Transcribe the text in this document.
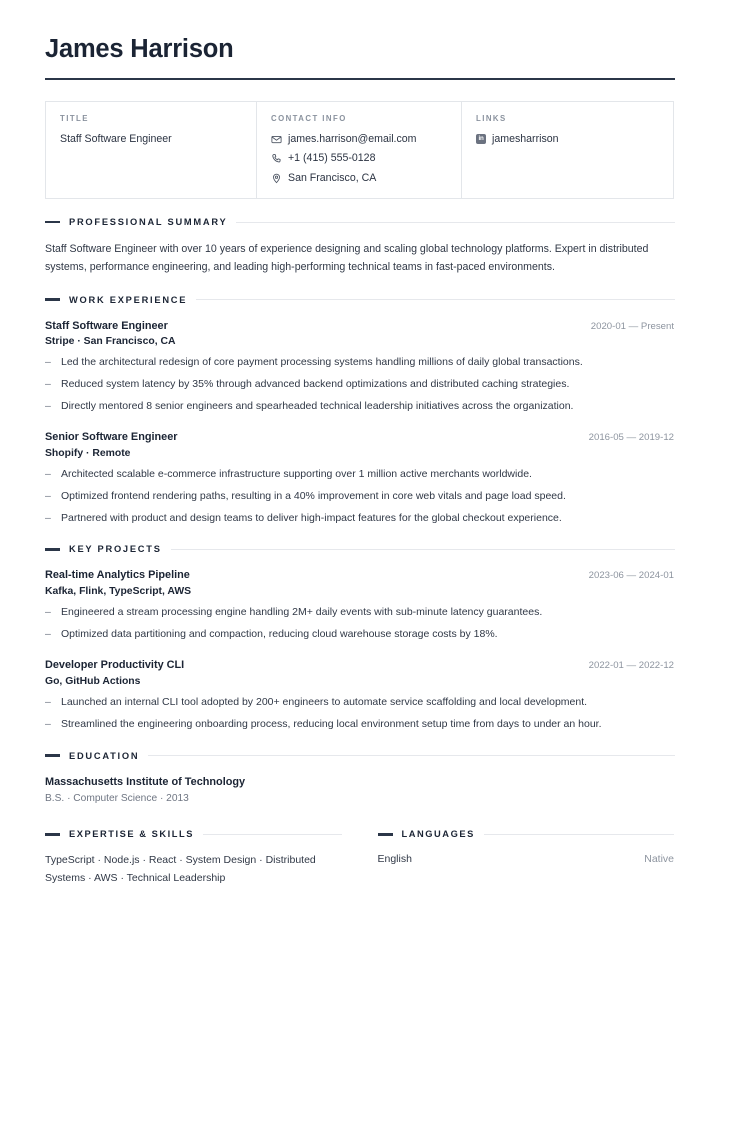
James Harrison
TITLE
Staff Software Engineer
CONTACT INFO
james.harrison@email.com
+1 (415) 555-0128
San Francisco, CA
LINKS
in jamesharrison
PROFESSIONAL SUMMARY

Staff Software Engineer with over 10 years of experience designing and scaling global technology platforms. Expert in distributed systems, performance engineering, and leading high-performing technical teams in fast-paced environments.

WORK EXPERIENCE
Staff Software Engineer	2020-01 — Present
Stripe · San Francisco, CA
– Led the architectural redesign of core payment processing systems handling millions of daily global transactions.
– Reduced system latency by 35% through advanced backend optimizations and distributed caching strategies.
– Directly mentored 8 senior engineers and spearheaded technical leadership initiatives across the organization.
Senior Software Engineer	2016-05 — 2019-12
Shopify · Remote
– Architected scalable e-commerce infrastructure supporting over 1 million active merchants worldwide.
– Optimized frontend rendering paths, resulting in a 40% improvement in core web vitals and page load speed.
– Partnered with product and design teams to deliver high-impact features for the global checkout experience.
KEY PROJECTS
Real-time Analytics Pipeline	2023-06 — 2024-01
Kafka, Flink, TypeScript, AWS
– Engineered a stream processing engine handling 2M+ daily events with sub-minute latency guarantees.
– Optimized data partitioning and compaction, reducing cloud warehouse storage costs by 18%.
Developer Productivity CLI	2022-01 — 2022-12
Go, GitHub Actions
– Launched an internal CLI tool adopted by 200+ engineers to automate service scaffolding and local development.
– Streamlined the engineering onboarding process, reducing local environment setup time from days to under an hour.
EDUCATION
Massachusetts Institute of Technology
B.S. · Computer Science · 2013
EXPERTISE & SKILLS
TypeScript · Node.js · React · System Design · Distributed Systems · AWS · Technical Leadership
LANGUAGES
English	Native
